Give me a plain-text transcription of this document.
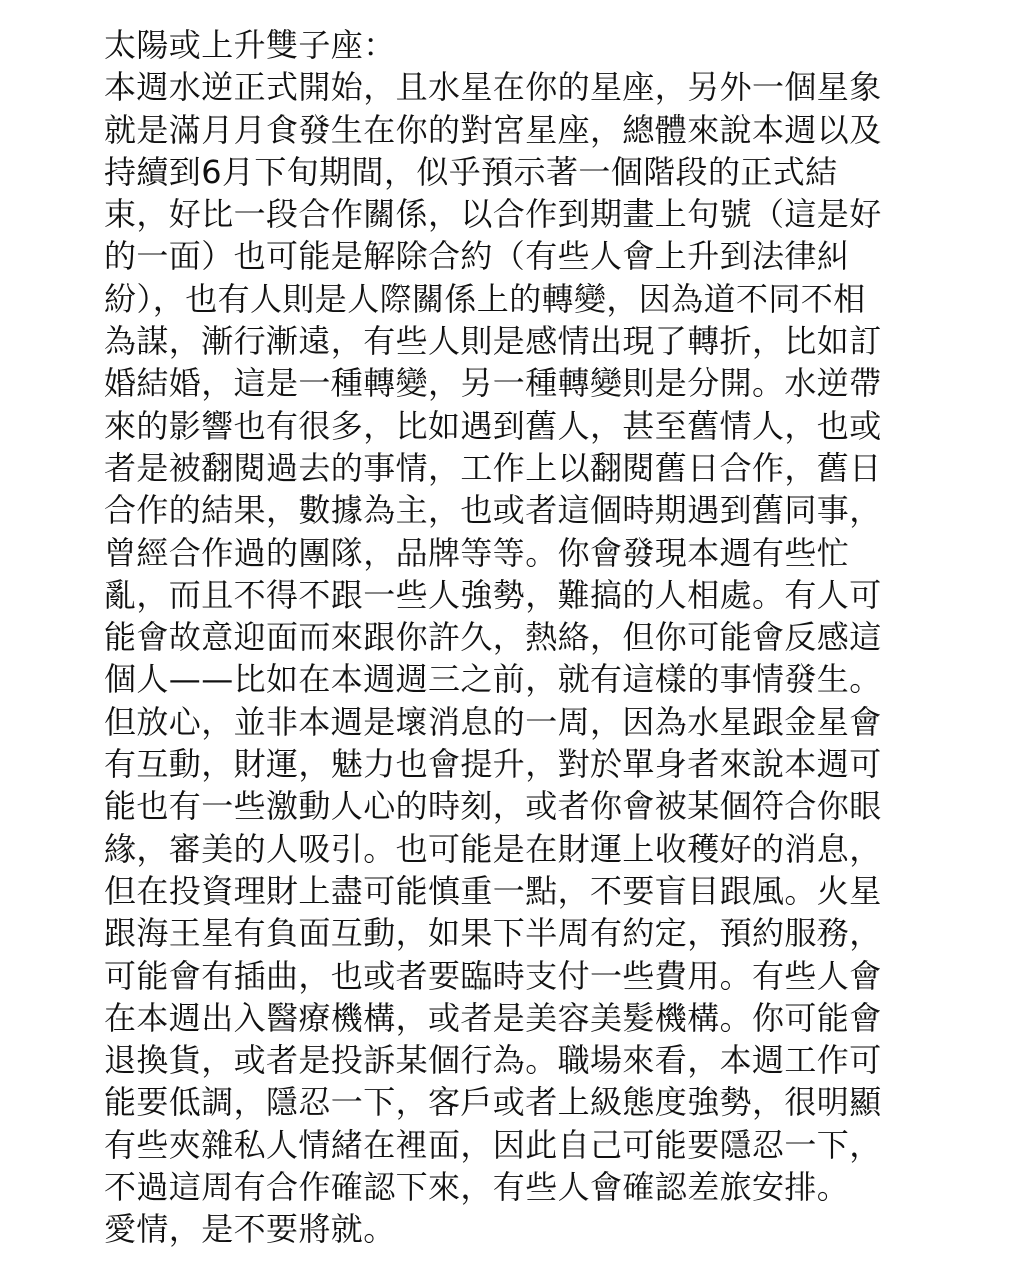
太陽或上升雙子座：
本週水逆正式開始，且水星在你的星座，另外一個星象
就是滿月月食發生在你的對宮星座，總體來說本週以及
持續到6月下旬期間，似乎預示著一個階段的正式結
束，好比一段合作關係，以合作到期畫上句號（這是好
的一面）也可能是解除合約（有些人會上升到法律糾
紛），也有人則是人際關係上的轉變，因為道不同不相
為謀，漸行漸遠，有些人則是感情出現了轉折，比如訂
婚結婚，這是一種轉變，另一種轉變則是分開。水逆帶
來的影響也有很多，比如遇到舊人，甚至舊情人，也或
者是被翻閱過去的事情，工作上以翻閱舊日合作，舊日
合作的結果，數據為主，也或者這個時期遇到舊同事，
曾經合作過的團隊，品牌等等。你會發現本週有些忙
亂，而且不得不跟一些人強勢，難搞的人相處。有人可
能會故意迎面而來跟你許久，熱絡，但你可能會反感這
個人——比如在本週週三之前，就有這樣的事情發生。
但放心，並非本週是壞消息的一周，因為水星跟金星會
有互動，財運，魅力也會提升，對於單身者來說本週可
能也有一些激動人心的時刻，或者你會被某個符合你眼
緣，審美的人吸引。也可能是在財運上收穫好的消息，
但在投資理財上盡可能慎重一點，不要盲目跟風。火星
跟海王星有負面互動，如果下半周有約定，預約服務，
可能會有插曲，也或者要臨時支付一些費用。有些人會
在本週出入醫療機構，或者是美容美髮機構。你可能會
退換貨，或者是投訴某個行為。職場來看，本週工作可
能要低調，隱忍一下，客戶或者上級態度強勢，很明顯
有些夾雜私人情緒在裡面，因此自己可能要隱忍一下，
不過這周有合作確認下來，有些人會確認差旅安排。
愛情，是不要將就。
